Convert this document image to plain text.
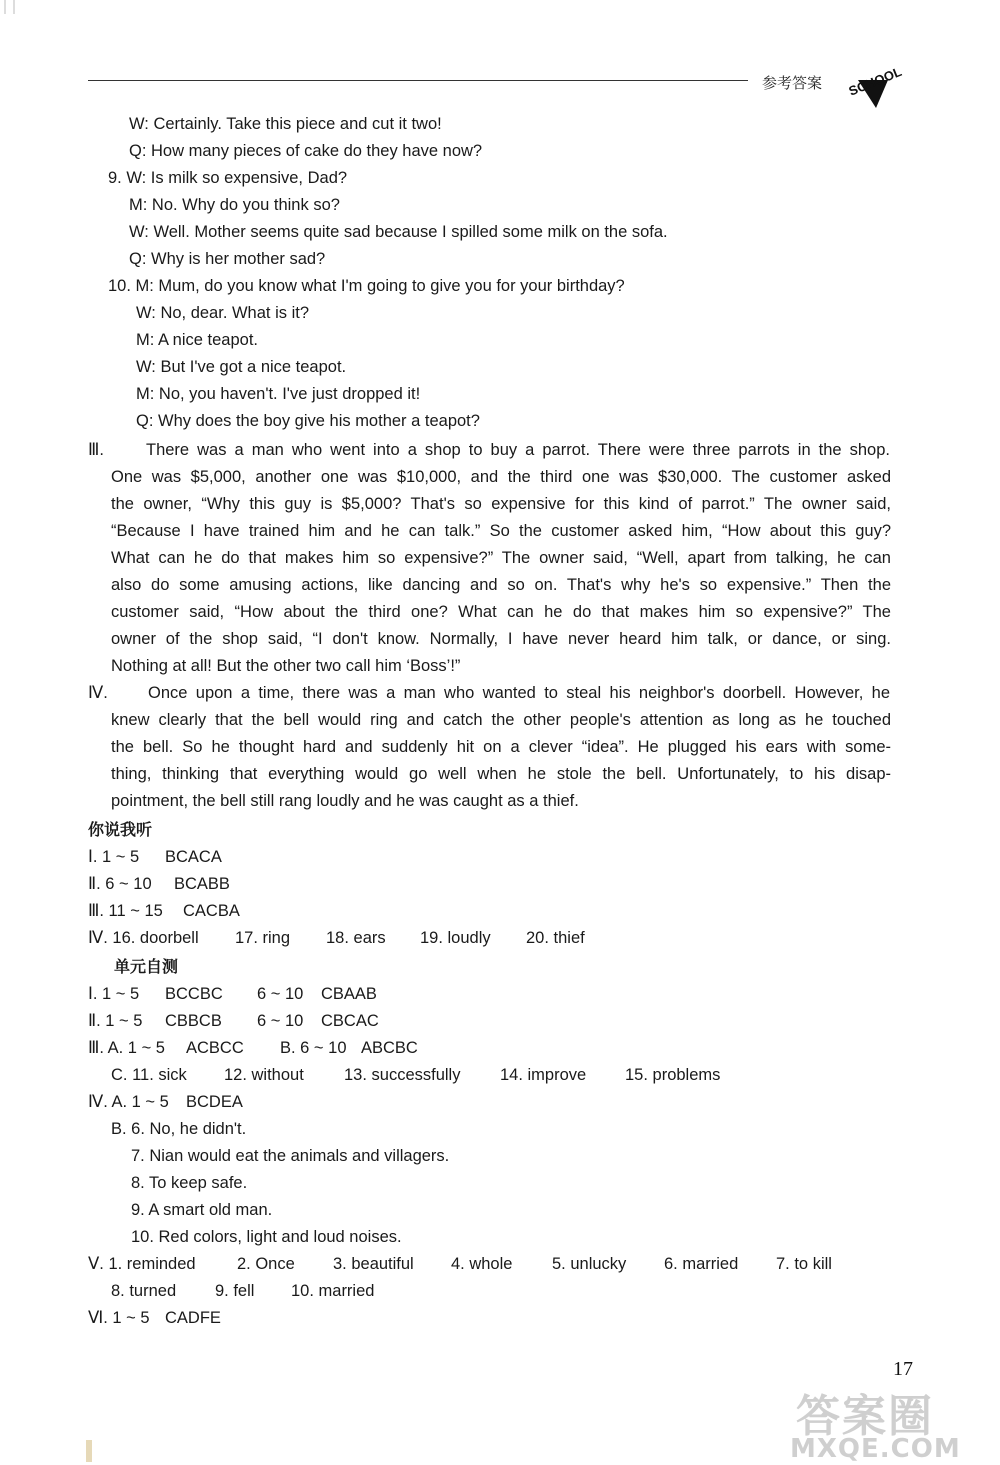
参考答案 SCHOOL
W: Certainly. Take this piece and cut it two!
Q: How many pieces of cake do they have now?
9. W: Is milk so expensive, Dad?
M: No. Why do you think so?
W: Well. Mother seems quite sad because I spilled some milk on the sofa.
Q: Why is her mother sad?
10. M: Mum, do you know what I'm going to give you for your birthday?
W: No, dear. What is it?
M: A nice teapot.
W: But I've got a nice teapot.
M: No, you haven't. I've just dropped it!
Q: Why does the boy give his mother a teapot?
Ⅲ.	There was a man who went into a shop to buy a parrot. There were three parrots in the shop.
One was $5,000, another one was $10,000, and the third one was $30,000. The customer asked
the owner, “Why this guy is $5,000? That's so expensive for this kind of parrot.” The owner said,
“Because I have trained him and he can talk.” So the customer asked him, “How about this guy?
What can he do that makes him so expensive?” The owner said, “Well, apart from talking, he can
also do some amusing actions, like dancing and so on. That's why he's so expensive.” Then the
customer said, “How about the third one? What can he do that makes him so expensive?” The
owner of the shop said, “I don't know. Normally, I have never heard him talk, or dance, or sing.
Nothing at all! But the other two call him ‘Boss’!”
Ⅳ. Once upon a time, there was a man who wanted to steal his neighbor's doorbell. However, he
knew clearly that the bell would ring and catch the other people's attention as long as he touched
the bell. So he thought hard and suddenly hit on a clever “idea”. He plugged his ears with some-
thing, thinking that everything would go well when he stole the bell. Unfortunately, to his disap-
pointment, the bell still rang loudly and he was caught as a thief.
你说我听
Ⅰ. 1 ~ 5 BCACA
Ⅱ. 6 ~ 10 BCABB
Ⅲ. 11 ~ 15 CACBA
Ⅳ. 16. doorbell 17. ring 18. ears 19. loudly 20. thief
单元自测
Ⅰ. 1 ~ 5 BCCBC 6 ~ 10 CBAAB
Ⅱ. 1 ~ 5 CBBCB 6 ~ 10 CBCAC
Ⅲ. A. 1 ~ 5 ACBCC B. 6 ~ 10 ABCBC
C. 11. sick 12. without 13. successfully 14. improve 15. problems
Ⅳ. A. 1 ~ 5 BCDEA
B. 6. No, he didn't.
7. Nian would eat the animals and villagers.
8. To keep safe.
9. A smart old man.
10. Red colors, light and loud noises.
Ⅴ. 1. reminded	2. Once 3. beautiful 4. whole 5. unlucky 6. married 7. to kill
8. turned 9. fell 10. married
Ⅵ. 1 ~ 5 CADFE
17
答案圈
MXQE.COM
